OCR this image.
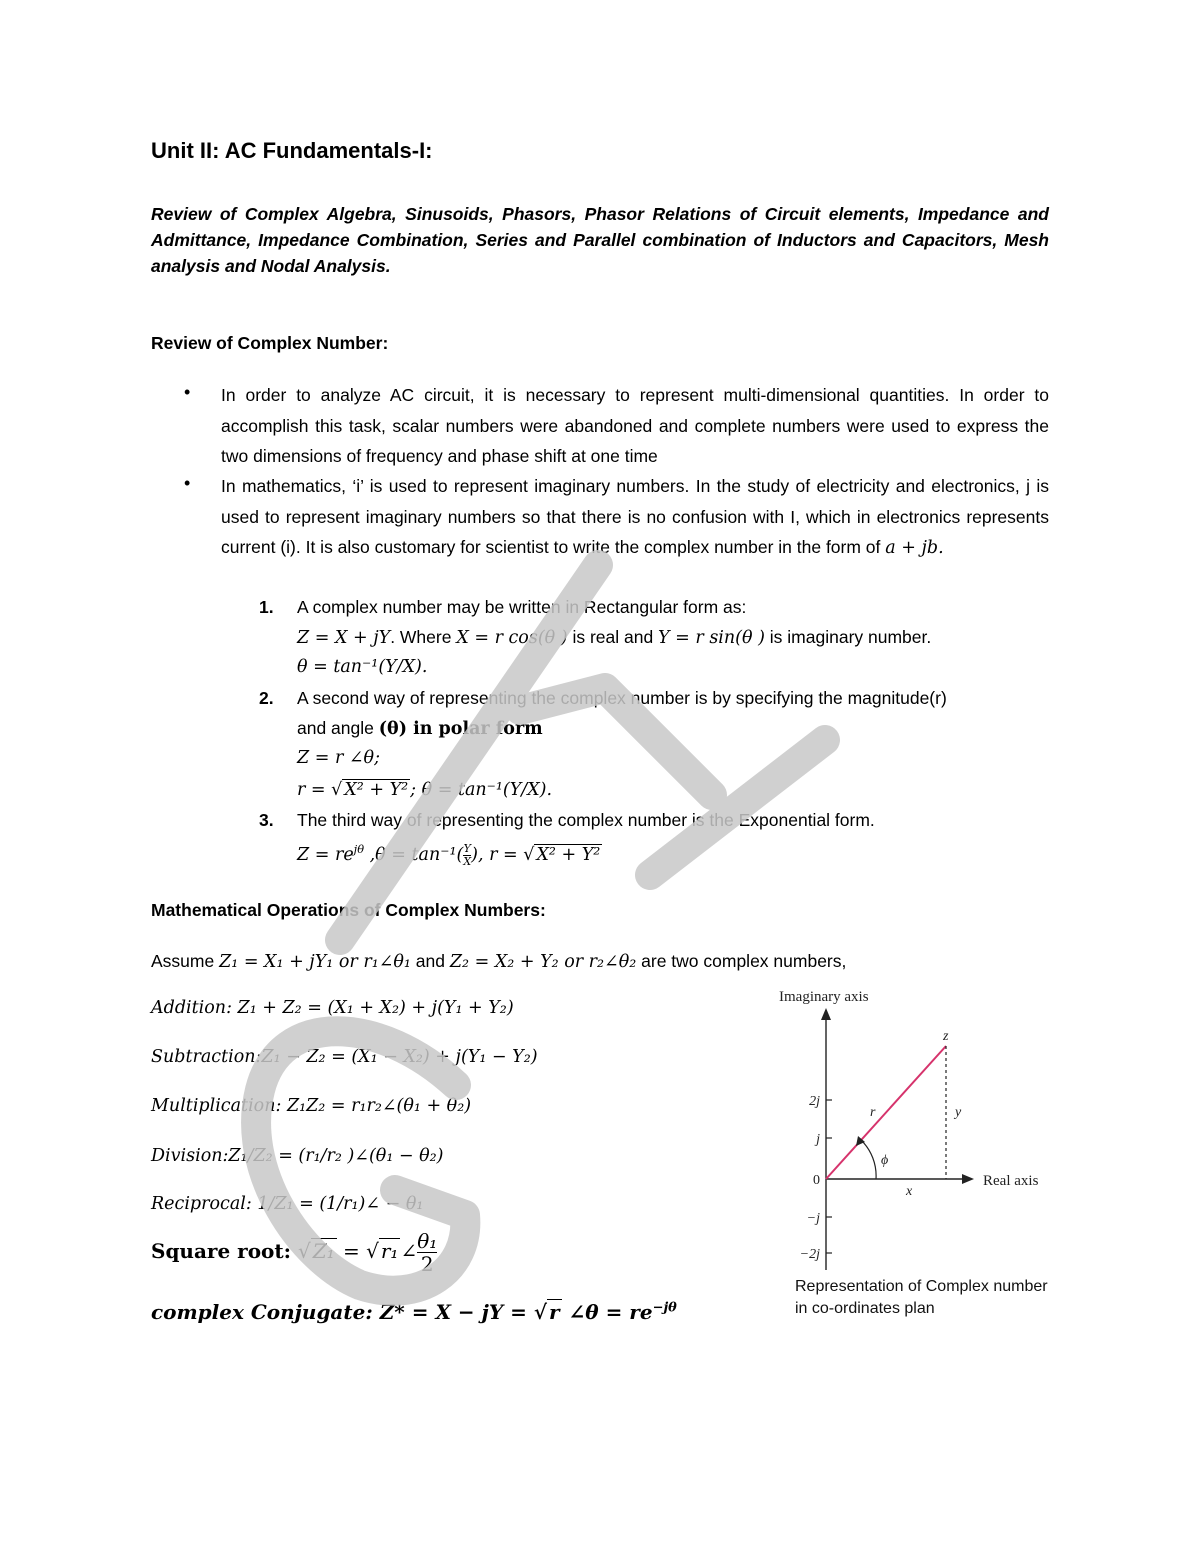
Unit II: AC Fundamentals-I:
Review of Complex Algebra, Sinusoids, Phasors, Phasor Relations of Circuit elements, Impedance and Admittance, Impedance Combination, Series and Parallel combination of Inductors and Capacitors, Mesh analysis and Nodal Analysis.
Review of Complex Number:
• In order to analyze AC circuit, it is necessary to represent multi-dimensional quantities. In order to accomplish this task, scalar numbers were abandoned and complete numbers were used to express the two dimensions of frequency and phase shift at one time
• In mathematics, ‘i’ is used to represent imaginary numbers. In the study of electricity and electronics, j is used to represent imaginary numbers so that there is no confusion with I, which in electronics represents current (i). It is also customary for scientist to write the complex number in the form of a + jb.
1. A complex number may be written in Rectangular form as:
Z = X + jY. Where X = r cos(θ ) is real and Y = r sin(θ ) is imaginary number.
θ = tan⁻¹(Y/X).
2. A second way of representing the complex number is by specifying the magnitude(r)
and angle (θ) in polar form
Z = r ∠θ;
r = √ X² + Y² ; θ = tan⁻¹(Y/X).
3. The third way of representing the complex number is the Exponential form.
$Z = re^{j\theta}$ $,\theta = \tan^{-1}( \frac{Y}{X}$ ), r = √ X² + Y²
Mathematical Operations of Complex Numbers:
Assume Z₁ = X₁ + jY₁ or r₁∠θ₁ and Z₂ = X₂ + Y₂ or r₂∠θ₂ are two complex numbers,
Addition: Z₁ + Z₂ = (X₁ + X₂) + j(Y₁ + Y₂)
Subtraction:Z₁ − Z₂ = (X₁ − X₂) + j(Y₁ − Y₂)
Multiplication: Z₁Z₂ = r₁r₂∠(θ₁ + θ₂)
Division:Z₁/Z₂ = (r₁/r₂ )∠(θ₁ − θ₂)
Reciprocal: 1/Z₁ = (1/r₁)∠ − θ₁
Square root: √ Z₁ = √ r₁ ∠ $\frac{\text{θ₁}}{2}$
complex Conjugate: Z* = X − jY = √ r ∠θ = $re^{-j\theta}$
Imaginary axis
Real axis
2j
j
0
−j
−2j
z
r	y
x
ϕ
Representation of Complex number
in co-ordinates plan
